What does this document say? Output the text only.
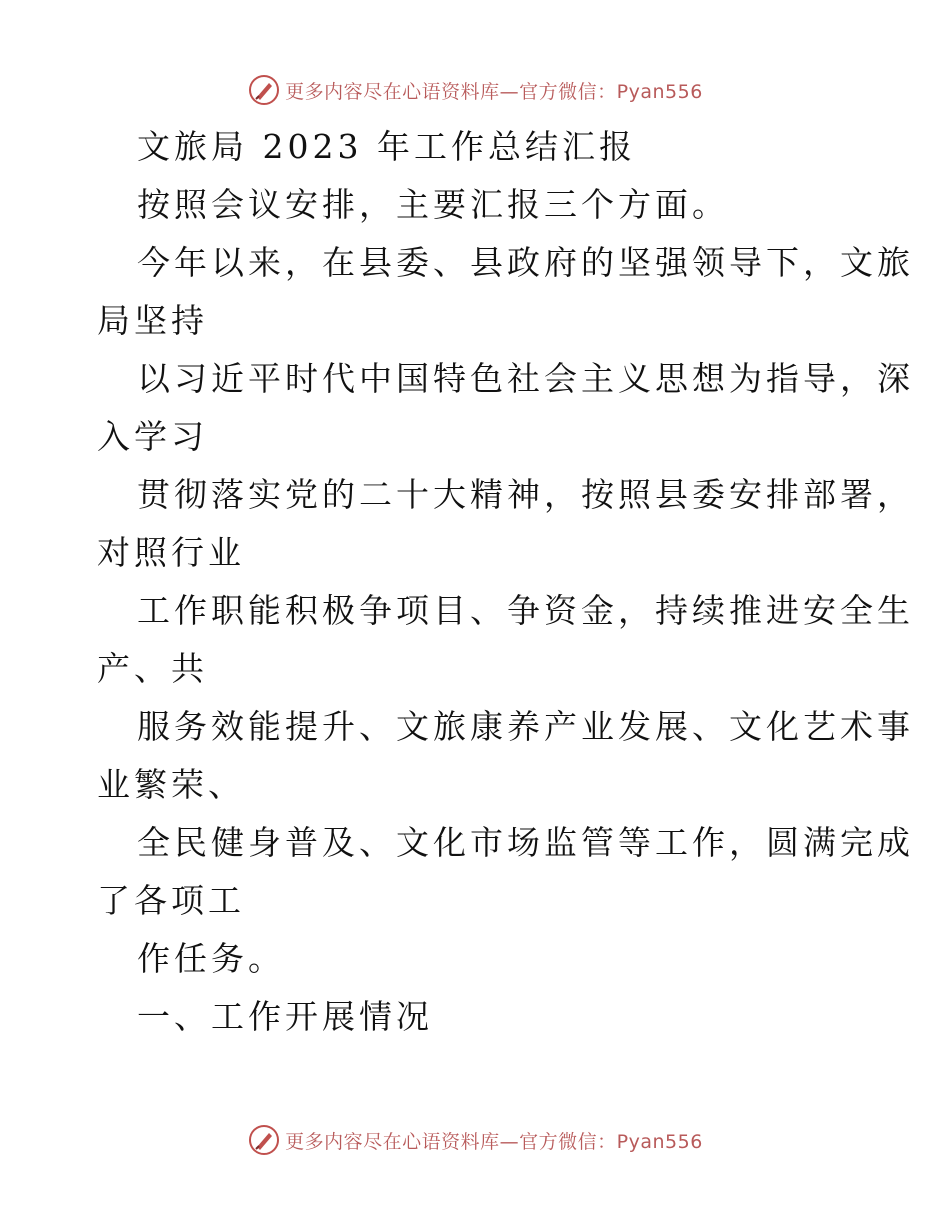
更多内容尽在心语资料库—官方微信：Pyan556
文旅局 2023 年工作总结汇报
按照会议安排，主要汇报三个方面。
今年以来，在县委、县政府的坚强领导下，文旅
局坚持
以习近平时代中国特色社会主义思想为指导，深
入学习
贯彻落实党的二十大精神，按照县委安排部署，
对照行业
工作职能积极争项目、争资金，持续推进安全生
产、共
服务效能提升、文旅康养产业发展、文化艺术事
业繁荣、
全民健身普及、文化市场监管等工作，圆满完成
了各项工
作任务。
一、工作开展情况
更多内容尽在心语资料库—官方微信：Pyan556
